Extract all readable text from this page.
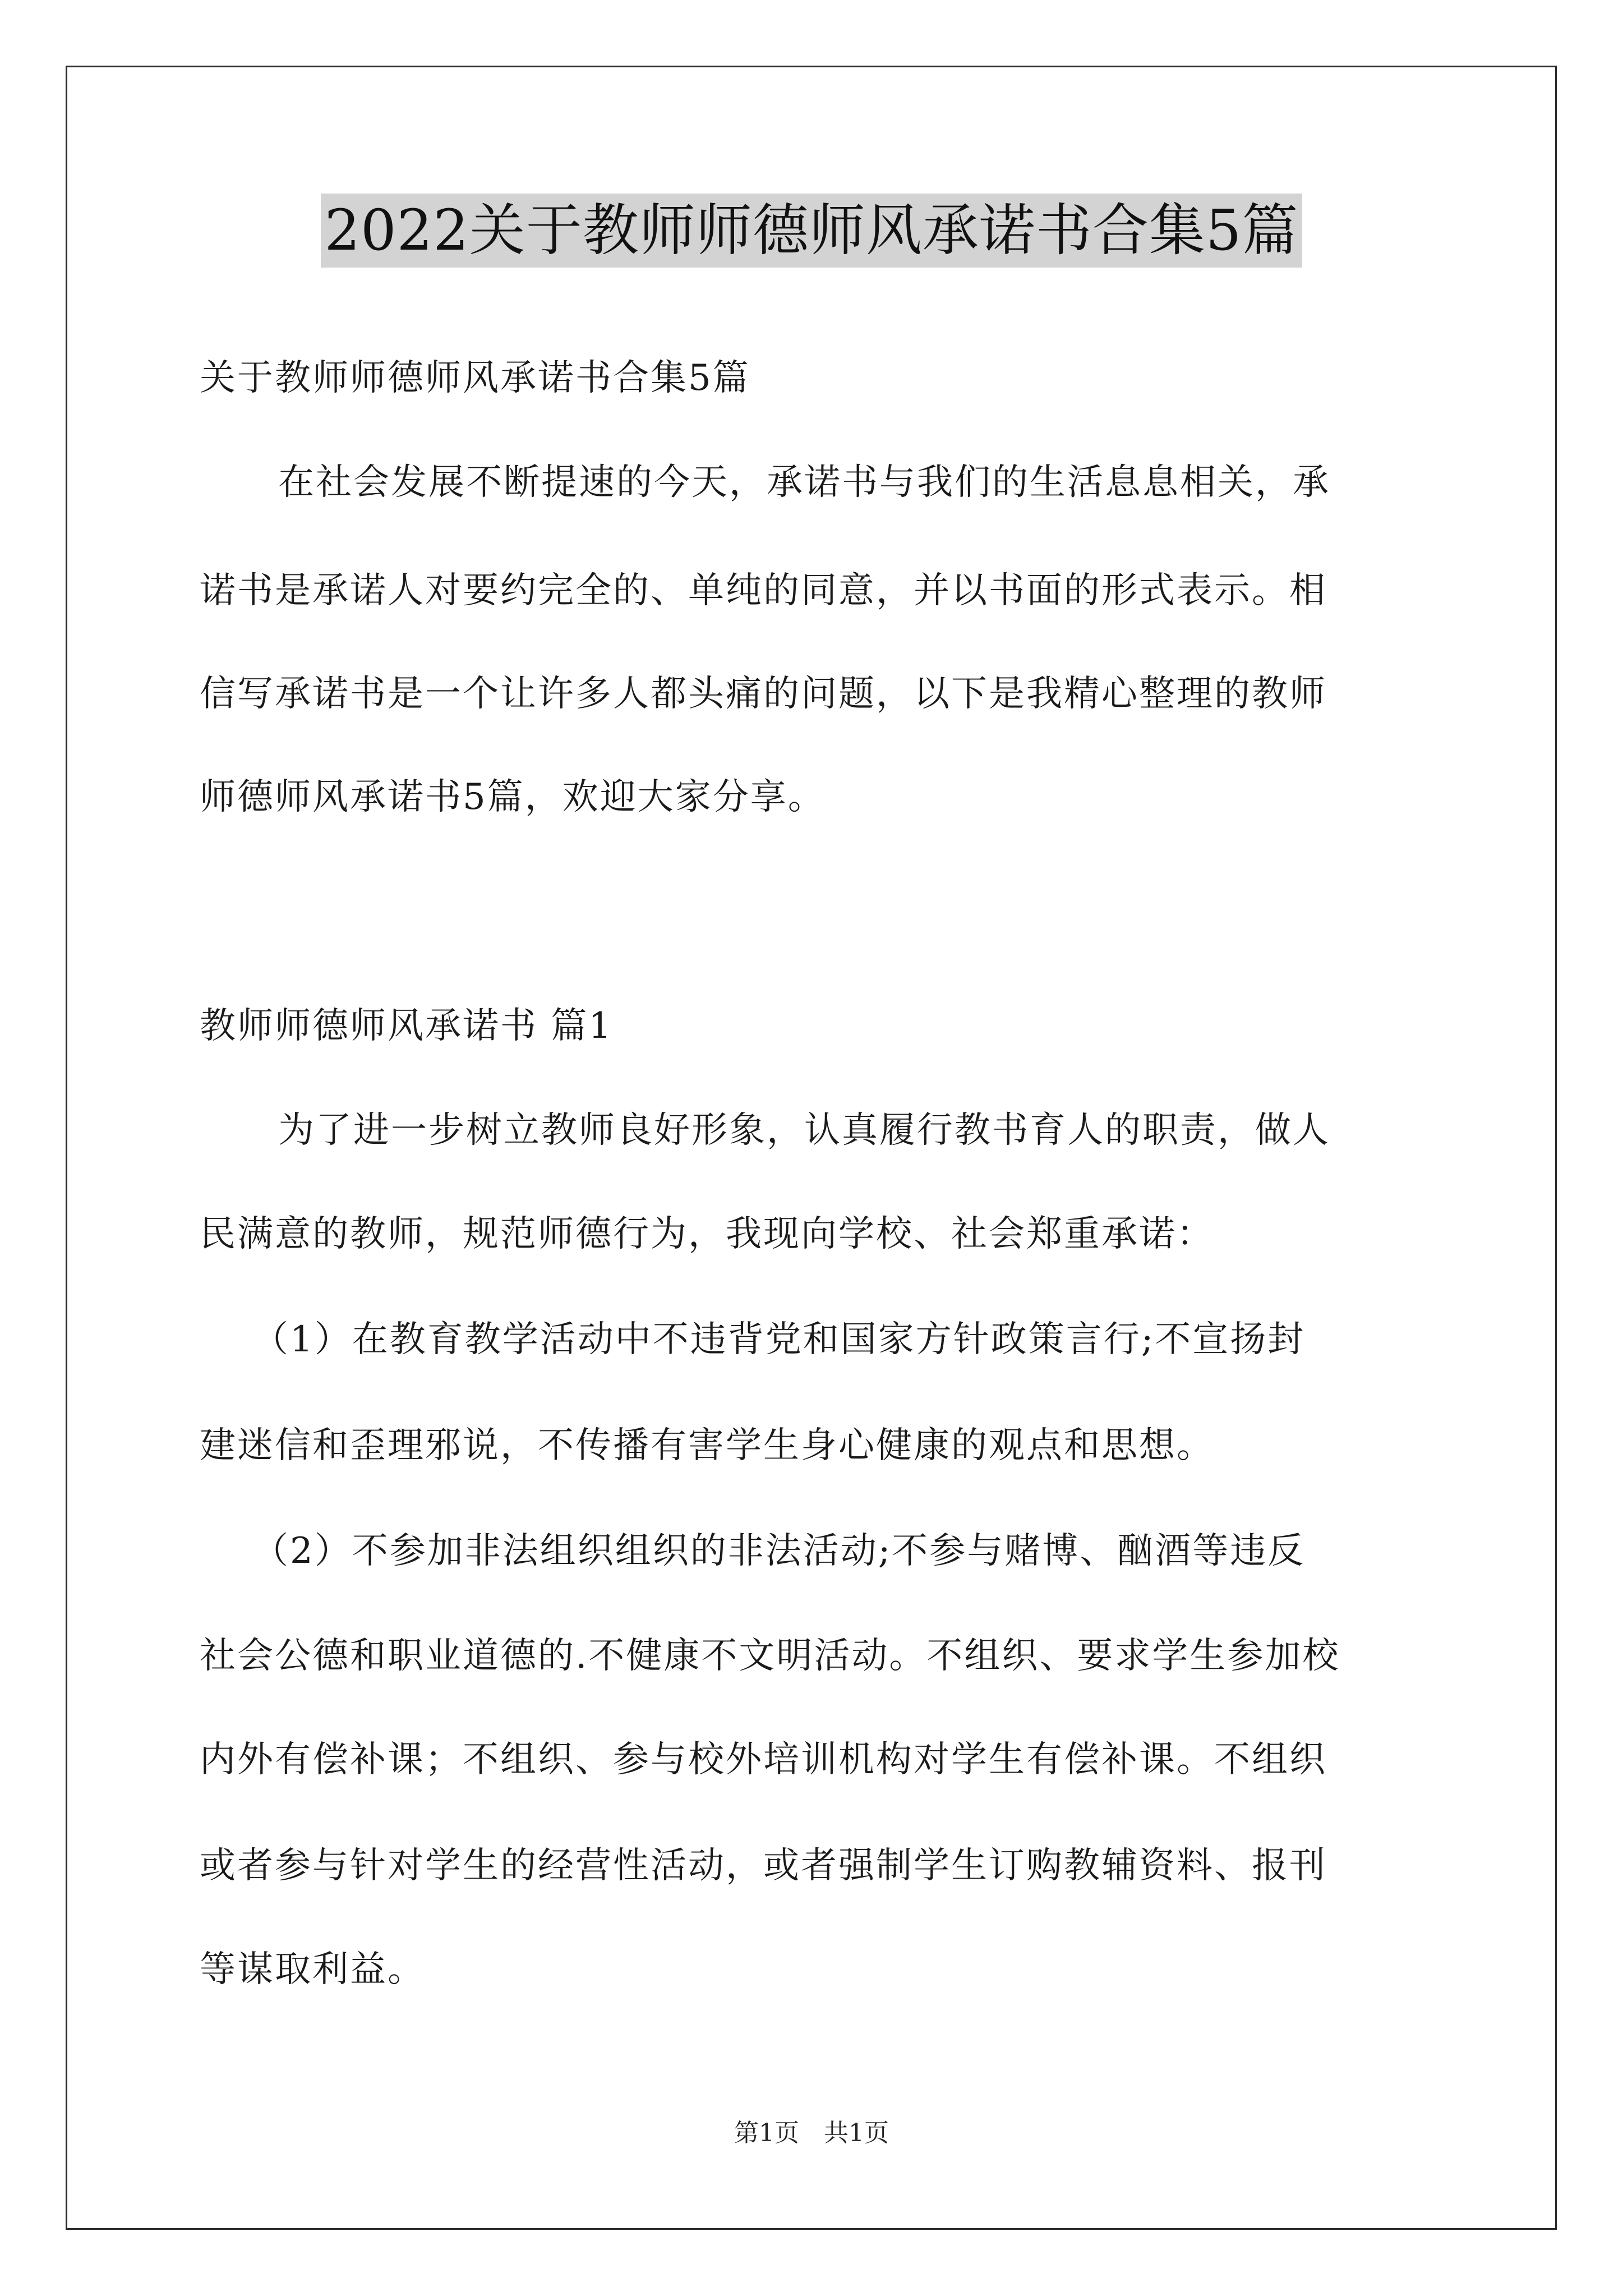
2022关于教师师德师风承诺书合集5篇
关于教师师德师风承诺书合集5篇
在社会发展不断提速的今天，承诺书与我们的生活息息相关，承
诺书是承诺人对要约完全的、单纯的同意，并以书面的形式表示。相
信写承诺书是一个让许多人都头痛的问题，以下是我精心整理的教师
师德师风承诺书5篇，欢迎大家分享。
教师师德师风承诺书 篇1
为了进一步树立教师良好形象，认真履行教书育人的职责，做人
民满意的教师，规范师德行为，我现向学校、社会郑重承诺：
（1）在教育教学活动中不违背党和国家方针政策言行;不宣扬封
建迷信和歪理邪说，不传播有害学生身心健康的观点和思想。
（2）不参加非法组织组织的非法活动;不参与赌博、酗酒等违反
社会公德和职业道德的.不健康不文明活动。不组织、要求学生参加校
内外有偿补课；不组织、参与校外培训机构对学生有偿补课。不组织
或者参与针对学生的经营性活动，或者强制学生订购教辅资料、报刊
等谋取利益。
第1页　共1页
